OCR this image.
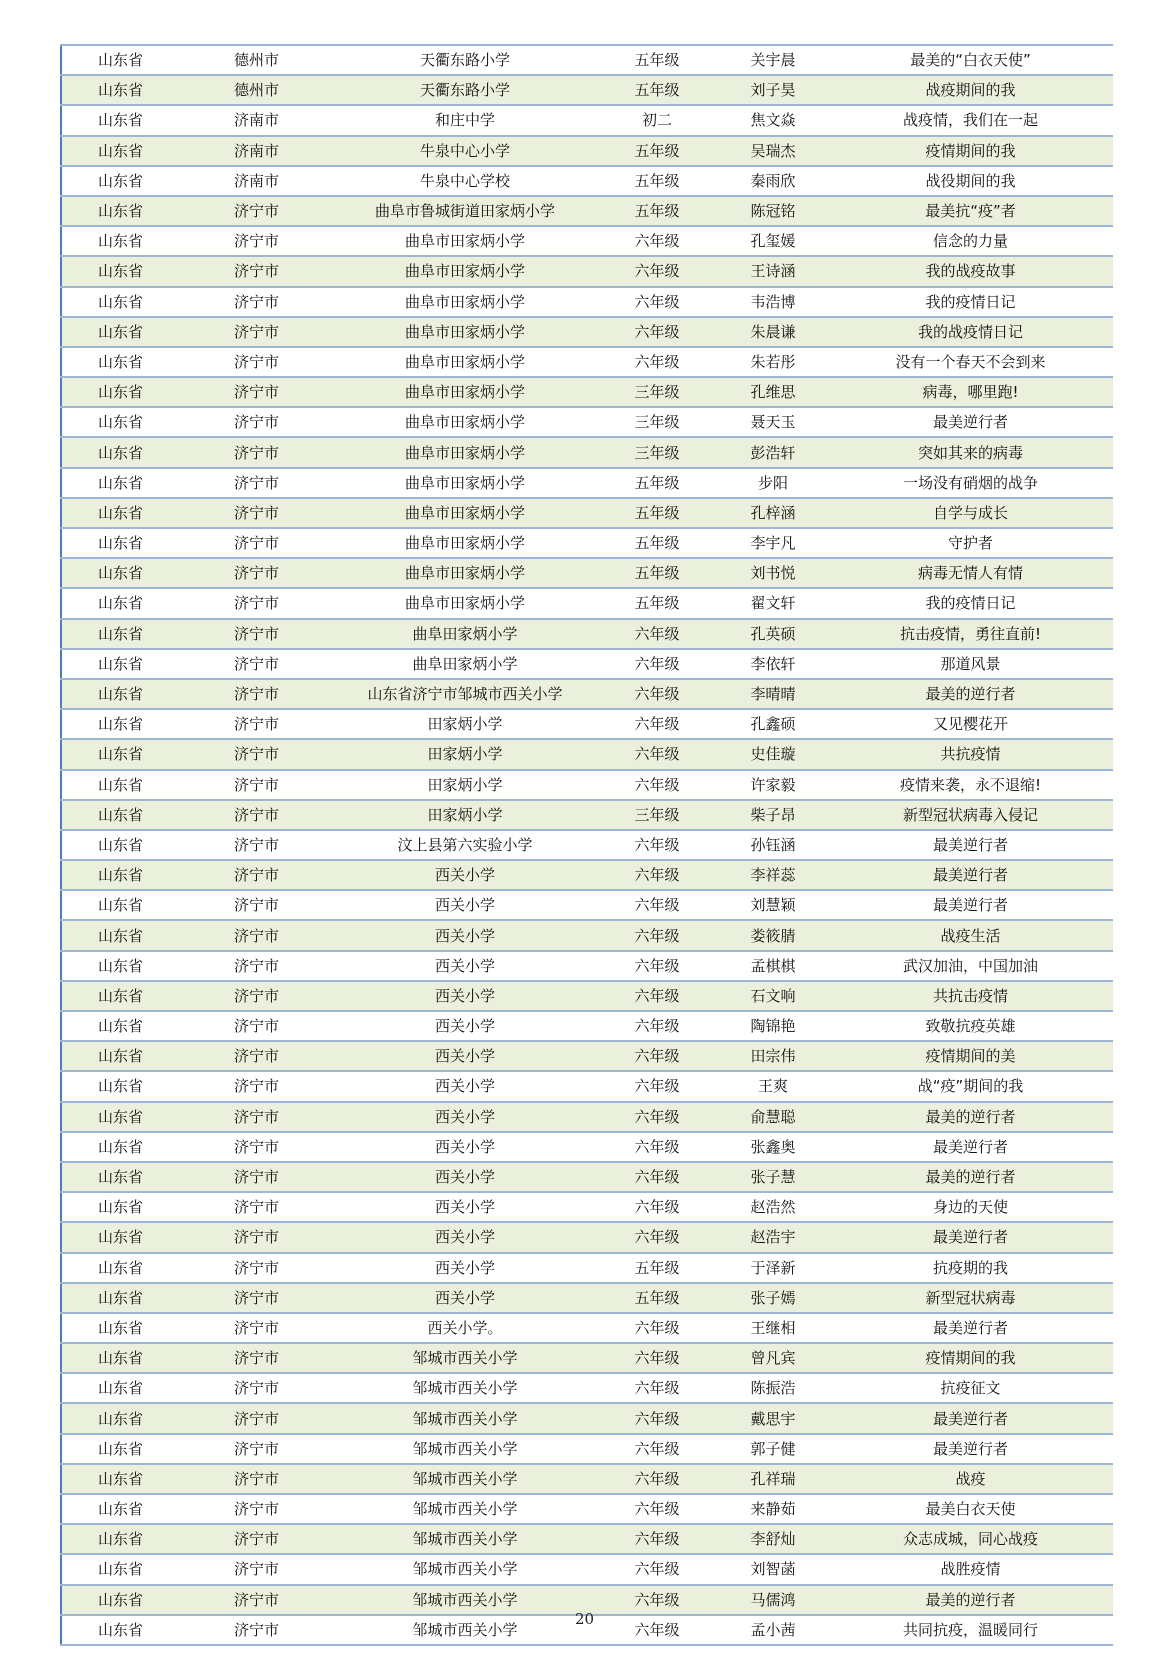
山东省	德州市	天衢东路小学	五年级	关宇晨	最美的“白衣天使”
山东省	德州市	天衢东路小学	五年级	刘子昊	战疫期间的我
山东省	济南市	和庄中学	初二	焦文焱	战疫情，我们在一起
山东省	济南市	牛泉中心小学	五年级	吴瑞杰	疫情期间的我
山东省	济南市	牛泉中心学校	五年级	秦雨欣	战役期间的我
山东省	济宁市	曲阜市鲁城街道田家炳小学	五年级	陈冠铭	最美抗“疫”者
山东省	济宁市	曲阜市田家炳小学	六年级	孔玺媛	信念的力量
山东省	济宁市	曲阜市田家炳小学	六年级	王诗涵	我的战疫故事
山东省	济宁市	曲阜市田家炳小学	六年级	韦浩博	我的疫情日记
山东省	济宁市	曲阜市田家炳小学	六年级	朱晨谦	我的战疫情日记
山东省	济宁市	曲阜市田家炳小学	六年级	朱若彤	没有一个春天不会到来
山东省	济宁市	曲阜市田家炳小学	三年级	孔维思	病毒，哪里跑!
山东省	济宁市	曲阜市田家炳小学	三年级	聂天玉	最美逆行者
山东省	济宁市	曲阜市田家炳小学	三年级	彭浩轩	突如其来的病毒
山东省	济宁市	曲阜市田家炳小学	五年级	步阳	一场没有硝烟的战争
山东省	济宁市	曲阜市田家炳小学	五年级	孔梓涵	自学与成长
山东省	济宁市	曲阜市田家炳小学	五年级	李宇凡	守护者
山东省	济宁市	曲阜市田家炳小学	五年级	刘书悦	病毒无情人有情
山东省	济宁市	曲阜市田家炳小学	五年级	翟文轩	我的疫情日记
山东省	济宁市	曲阜田家炳小学	六年级	孔英硕	抗击疫情，勇往直前!
山东省	济宁市	曲阜田家炳小学	六年级	李依轩	那道风景
山东省	济宁市	山东省济宁市邹城市西关小学	六年级	李晴晴	最美的逆行者
山东省	济宁市	田家炳小学	六年级	孔鑫硕	又见樱花开
山东省	济宁市	田家炳小学	六年级	史佳璇	共抗疫情
山东省	济宁市	田家炳小学	六年级	许家毅	疫情来袭，永不退缩!
山东省	济宁市	田家炳小学	三年级	柴子昂	新型冠状病毒入侵记
山东省	济宁市	汶上县第六实验小学	六年级	孙钰涵	最美逆行者
山东省	济宁市	西关小学	六年级	李祥蕊	最美逆行者
山东省	济宁市	西关小学	六年级	刘慧颖	最美逆行者
山东省	济宁市	西关小学	六年级	娄筱腈	战疫生活
山东省	济宁市	西关小学	六年级	孟棋棋	武汉加油，中国加油
山东省	济宁市	西关小学	六年级	石文响	共抗击疫情
山东省	济宁市	西关小学	六年级	陶锦艳	致敬抗疫英雄
山东省	济宁市	西关小学	六年级	田宗伟	疫情期间的美
山东省	济宁市	西关小学	六年级	王爽	战“疫”期间的我
山东省	济宁市	西关小学	六年级	俞慧聪	最美的逆行者
山东省	济宁市	西关小学	六年级	张鑫奥	最美逆行者
山东省	济宁市	西关小学	六年级	张子慧	最美的逆行者
山东省	济宁市	西关小学	六年级	赵浩然	身边的天使
山东省	济宁市	西关小学	六年级	赵浩宇	最美逆行者
山东省	济宁市	西关小学	五年级	于泽新	抗疫期的我
山东省	济宁市	西关小学	五年级	张子嫣	新型冠状病毒
山东省	济宁市	西关小学。	六年级	王继相	最美逆行者
山东省	济宁市	邹城市西关小学	六年级	曾凡宾	疫情期间的我
山东省	济宁市	邹城市西关小学	六年级	陈振浩	抗疫征文
山东省	济宁市	邹城市西关小学	六年级	戴思宇	最美逆行者
山东省	济宁市	邹城市西关小学	六年级	郭子健	最美逆行者
山东省	济宁市	邹城市西关小学	六年级	孔祥瑞	战疫
山东省	济宁市	邹城市西关小学	六年级	来静茹	最美白衣天使
山东省	济宁市	邹城市西关小学	六年级	李舒灿	众志成城，同心战疫
山东省	济宁市	邹城市西关小学	六年级	刘智菡	战胜疫情
山东省	济宁市	邹城市西关小学	六年级	马儒鸿	最美的逆行者
山东省	济宁市	邹城市西关小学	六年级	孟小茜	共同抗疫，温暖同行
20
